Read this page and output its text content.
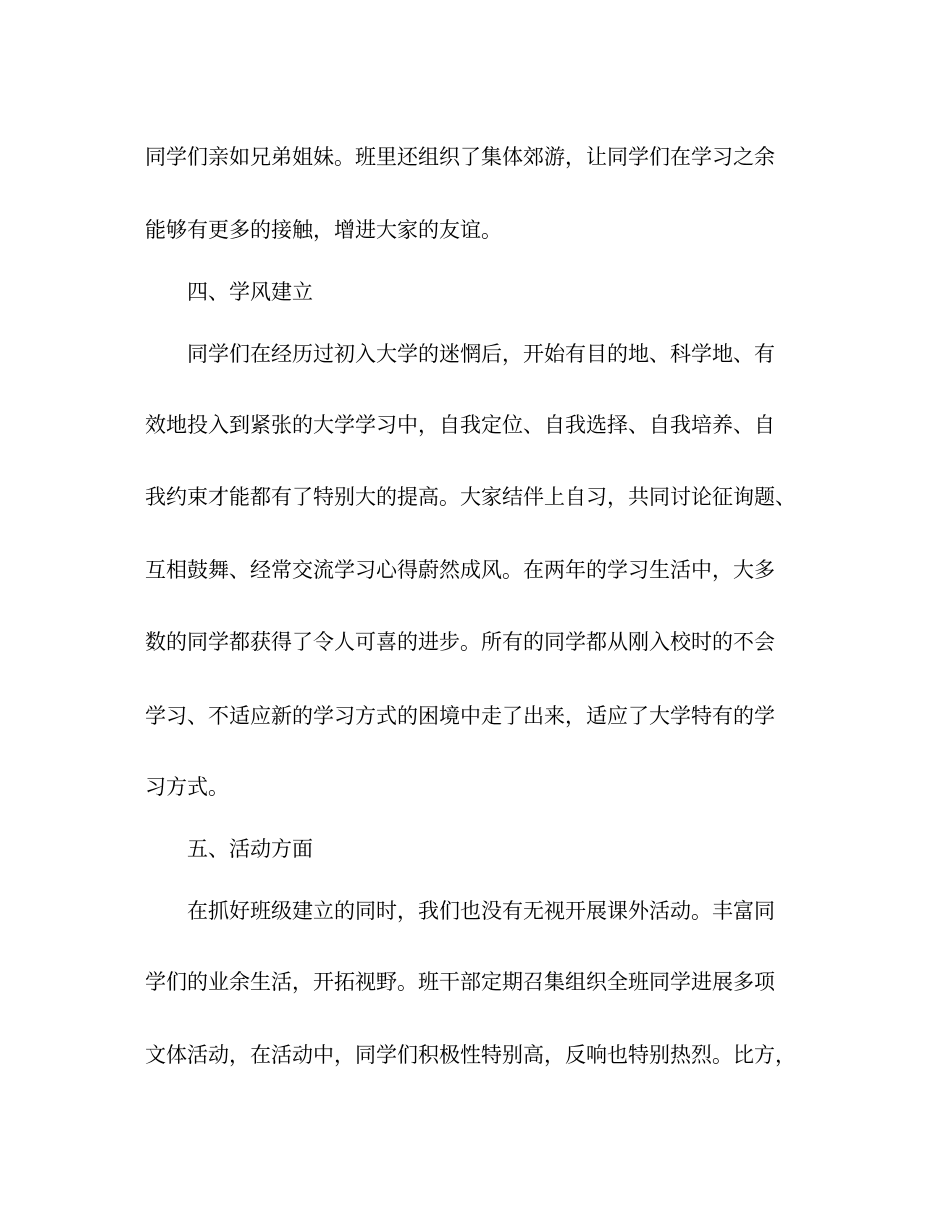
同学们亲如兄弟姐妹。班里还组织了集体郊游，让同学们在学习之余
能够有更多的接触，增进大家的友谊。
四、学风建立
同学们在经历过初入大学的迷惘后，开始有目的地、科学地、有
效地投入到紧张的大学学习中，自我定位、自我选择、自我培养、自
我约束才能都有了特别大的提高。大家结伴上自习，共同讨论征询题、
互相鼓舞、经常交流学习心得蔚然成风。在两年的学习生活中，大多
数的同学都获得了令人可喜的进步。所有的同学都从刚入校时的不会
学习、不适应新的学习方式的困境中走了出来，适应了大学特有的学
习方式。
五、活动方面
在抓好班级建立的同时，我们也没有无视开展课外活动。丰富同
学们的业余生活，开拓视野。班干部定期召集组织全班同学进展多项
文体活动，在活动中，同学们积极性特别高，反响也特别热烈。比方，
